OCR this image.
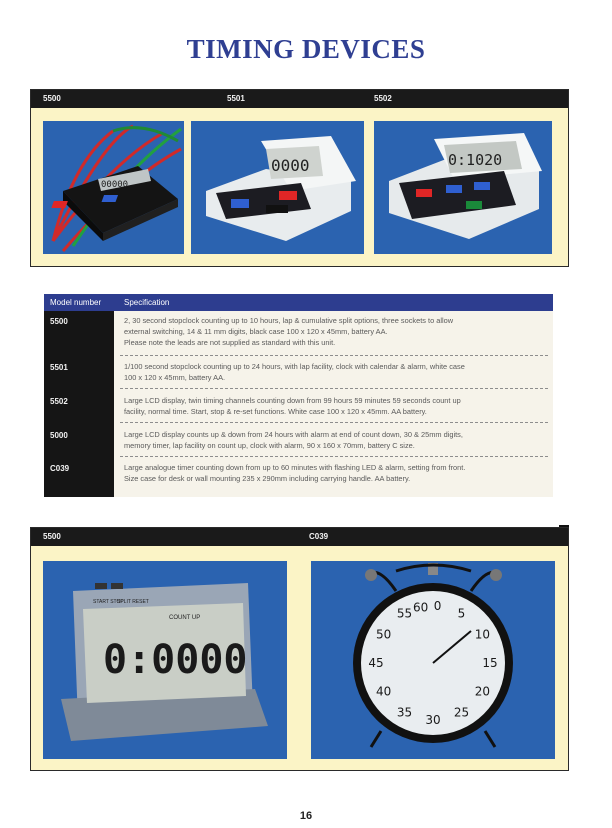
TIMING DEVICES
5500	5501	5502
00000
0000	0:1020
Model number	Specification
5500	2, 30 second stopclock counting up to 10 hours, lap & cumulative split options, three sockets to allow
external switching, 14 & 11 mm digits, black case 100 x 120 x 45mm, battery AA.
Please note the leads are not supplied as standard with this unit.
5501	1/100 second stopclock counting up to 24 hours, with lap facility, clock with calendar & alarm, white case
100 x 120 x 45mm, battery AA.
5502	Large LCD display, twin timing channels counting down from 99 hours 59 minutes 59 seconds count up
facility, normal time. Start, stop & re-set functions. White case 100 x 120 x 45mm. AA battery.
5000	Large LCD display counts up & down from 24 hours with alarm at end of count down, 30 & 25mm digits,
memory timer, lap facility on count up, clock with alarm, 90 x 160 x 70mm, battery C size.
C039	Large analogue timer counting down from up to 60 minutes with flashing LED & alarm, setting from front.
Size case for desk or wall mounting 235 x 290mm including carrying handle. AA battery.
5500	C039
START STOP
SPLIT RESET
COUNT UP
0:0000
0
5
10
15
20
25
30
35
40
45
50
55 60
16
